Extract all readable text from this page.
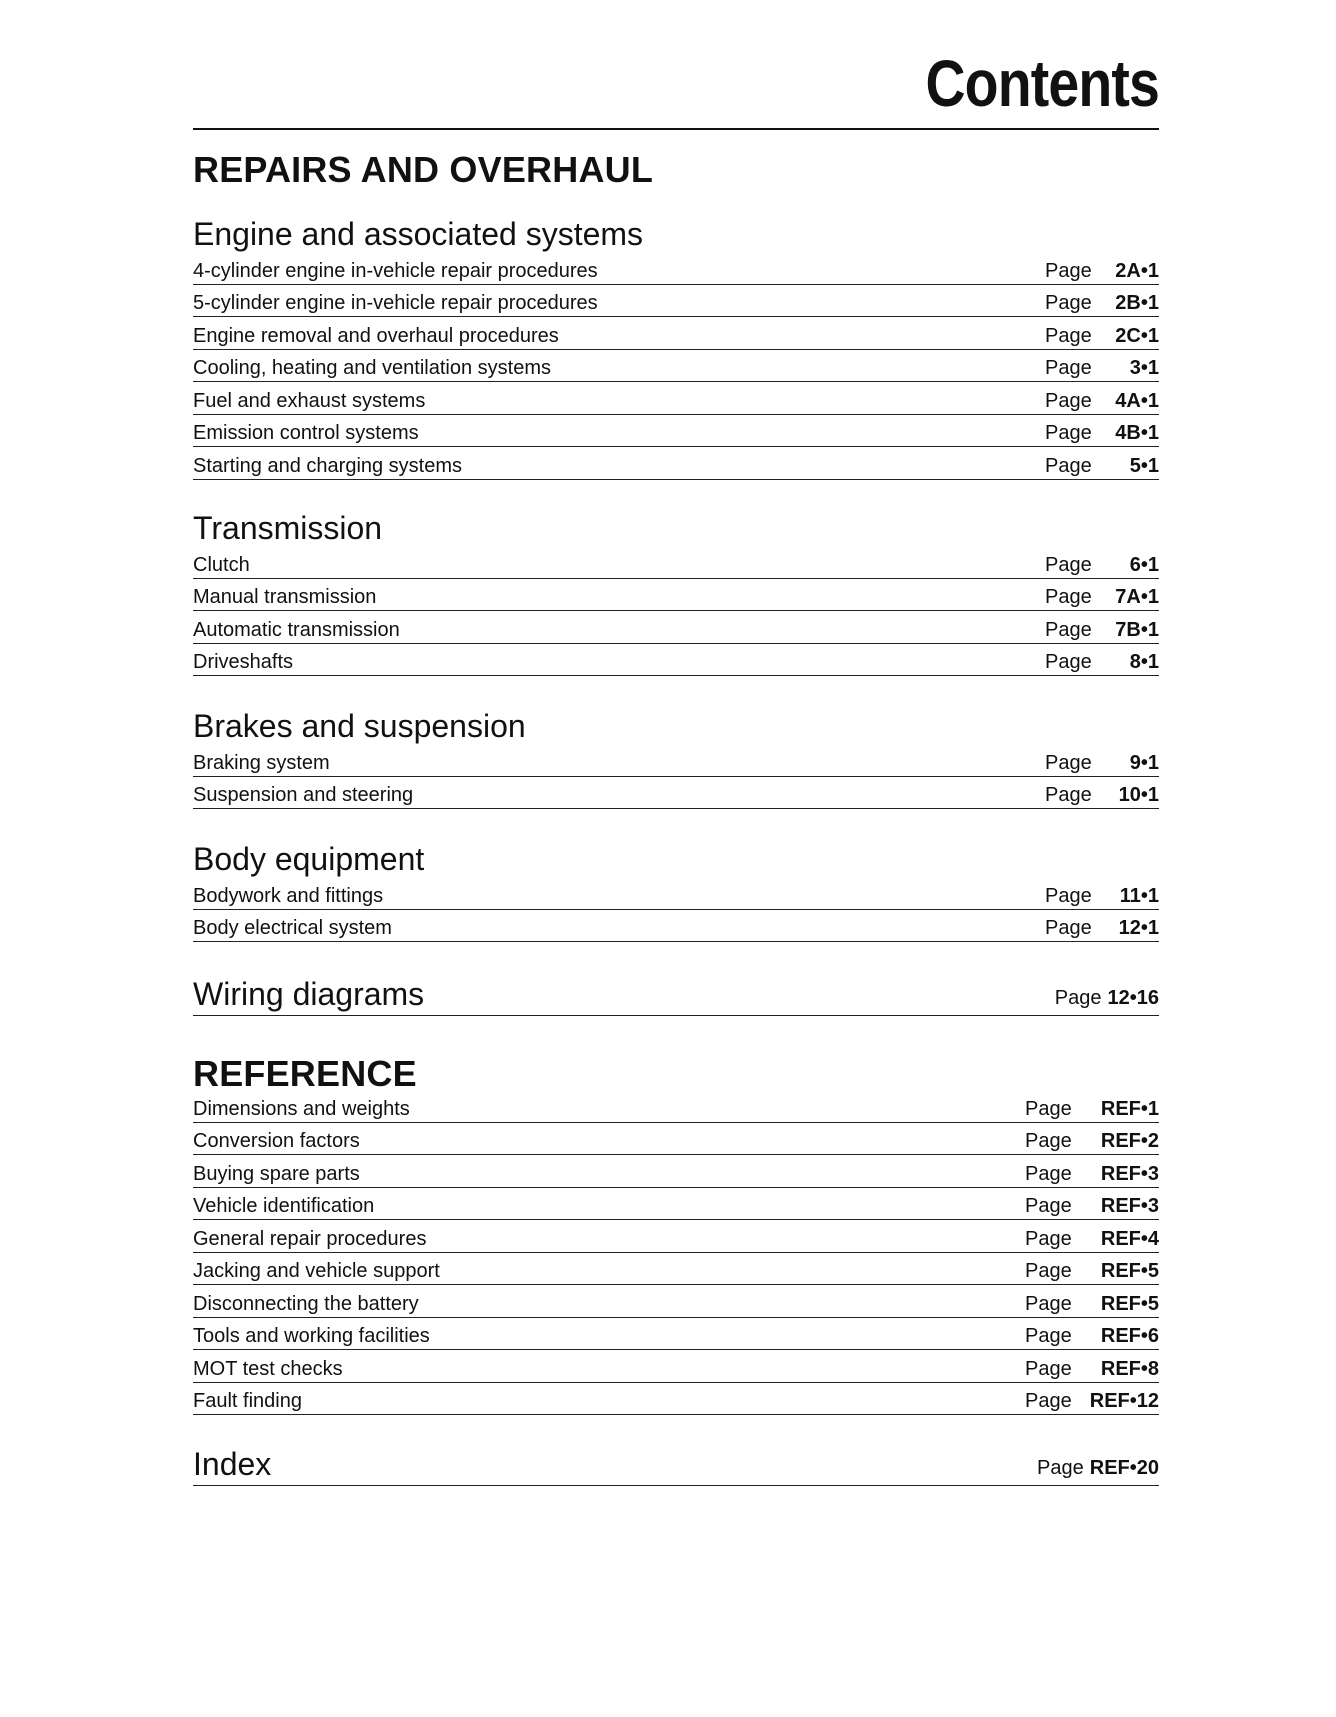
Contents
REPAIRS AND OVERHAUL
Engine and associated systems
4-cylinder engine in-vehicle repair procedures	Page	2A•1
5-cylinder engine in-vehicle repair procedures	Page	2B•1
Engine removal and overhaul procedures	Page	2C•1
Cooling, heating and ventilation systems	Page	3•1
Fuel and exhaust systems	Page	4A•1
Emission control systems	Page	4B•1
Starting and charging systems	Page	5•1
Transmission
Clutch	Page	6•1
Manual transmission	Page	7A•1
Automatic transmission	Page	7B•1
Driveshafts	Page	8•1
Brakes and suspension
Braking system	Page	9•1
Suspension and steering	Page	10•1
Body equipment
Bodywork and fittings	Page	11•1
Body electrical system	Page	12•1
Wiring diagrams	Page 12•16
REFERENCE
Dimensions and weights	Page	REF•1
Conversion factors	Page	REF•2
Buying spare parts	Page	REF•3
Vehicle identification	Page	REF•3
General repair procedures	Page	REF•4
Jacking and vehicle support	Page	REF•5
Disconnecting the battery	Page	REF•5
Tools and working facilities	Page	REF•6
MOT test checks	Page	REF•8
Fault finding	Page REF•12
Index	Page REF•20
